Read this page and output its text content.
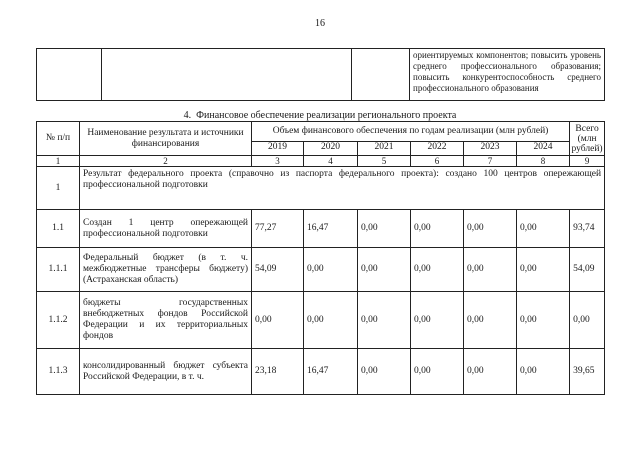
16
			ориентируемых компонентов; повысить уровень среднего профессионального образования; повысить конкурентоспособность среднего профессионального образования
4.  Финансовое обеспечение реализации регионального проекта
№ п/п	Наименование результата и источники финансирования	Объем финансового обеспечения по годам реализации (млн рублей)						Всего (млн рублей)
		2019	2020	2021	2022	2023	2024	
1	2	3	4	5	6	7	8	9
1	Результат федерального проекта (справочно из паспорта федерального проекта): создано 100 центров опережающей профессиональной подготовки							
1.1	Создан 1 центр опережающей профессиональной подготовки	77,27	16,47	0,00	0,00	0,00	0,00	93,74
1.1.1	Федеральный бюджет (в т. ч. межбюджетные трансферы бюджету) (Астраханская область)	54,09	0,00	0,00	0,00	0,00	0,00	54,09
1.1.2	бюджеты государственных внебюджетных фондов Российской Федерации и их территориальных фондов	0,00	0,00	0,00	0,00	0,00	0,00	0,00
1.1.3	консолидированный бюджет субъекта Российской Федерации, в т. ч.	23,18	16,47	0,00	0,00	0,00	0,00	39,65
